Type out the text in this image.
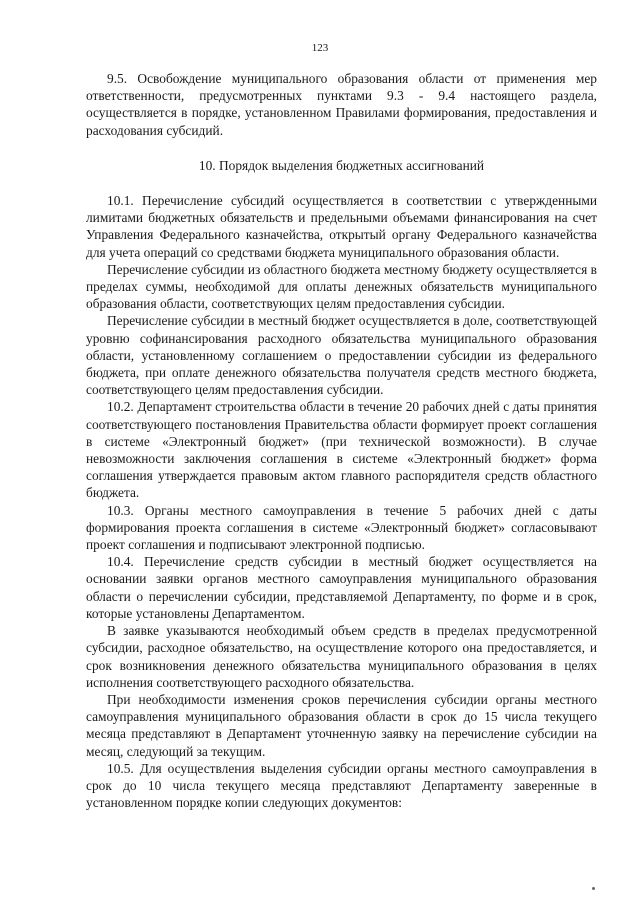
123

9.5. Освобождение муниципального образования области от применения мер ответственности, предусмотренных пунктами 9.3 - 9.4 настоящего раздела, осуществляется в порядке, установленном Правилами формирования, предоставления и расходования субсидий.

10. Порядок выделения бюджетных ассигнований

10.1. Перечисление субсидий осуществляется в соответствии с утвержденными лимитами бюджетных обязательств и предельными объемами финансирования на счет Управления Федерального казначейства, открытый органу Федерального казначейства для учета операций со средствами бюджета муниципального образования области.

Перечисление субсидии из областного бюджета местному бюджету осуществляется в пределах суммы, необходимой для оплаты денежных обязательств муниципального образования области, соответствующих целям предоставления субсидии.

Перечисление субсидии в местный бюджет осуществляется в доле, соответствующей уровню софинансирования расходного обязательства муниципального образования области, установленному соглашением о предоставлении субсидии из федерального бюджета, при оплате денежного обязательства получателя средств местного бюджета, соответствующего целям предоставления субсидии.

10.2. Департамент строительства области в течение 20 рабочих дней с даты принятия соответствующего постановления Правительства области формирует проект соглашения в системе «Электронный бюджет» (при технической возможности). В случае невозможности заключения соглашения в системе «Электронный бюджет» форма соглашения утверждается правовым актом главного распорядителя средств областного бюджета.

10.3. Органы местного самоуправления в течение 5 рабочих дней с даты формирования проекта соглашения в системе «Электронный бюджет» согласовывают проект соглашения и подписывают электронной подписью.

10.4. Перечисление средств субсидии в местный бюджет осуществляется на основании заявки органов местного самоуправления муниципального образования области о перечислении субсидии, представляемой Департаменту, по форме и в срок, которые установлены Департаментом.

В заявке указываются необходимый объем средств в пределах предусмотренной субсидии, расходное обязательство, на осуществление которого она предоставляется, и срок возникновения денежного обязательства муниципального образования в целях исполнения соответствующего расходного обязательства.

При необходимости изменения сроков перечисления субсидии органы местного самоуправления муниципального образования области в срок до 15 числа текущего месяца представляют в Департамент уточненную заявку на перечисление субсидии на месяц, следующий за текущим.

10.5. Для осуществления выделения субсидии органы местного самоуправления в срок до 10 числа текущего месяца представляют Департаменту заверенные в установленном порядке копии следующих документов:
